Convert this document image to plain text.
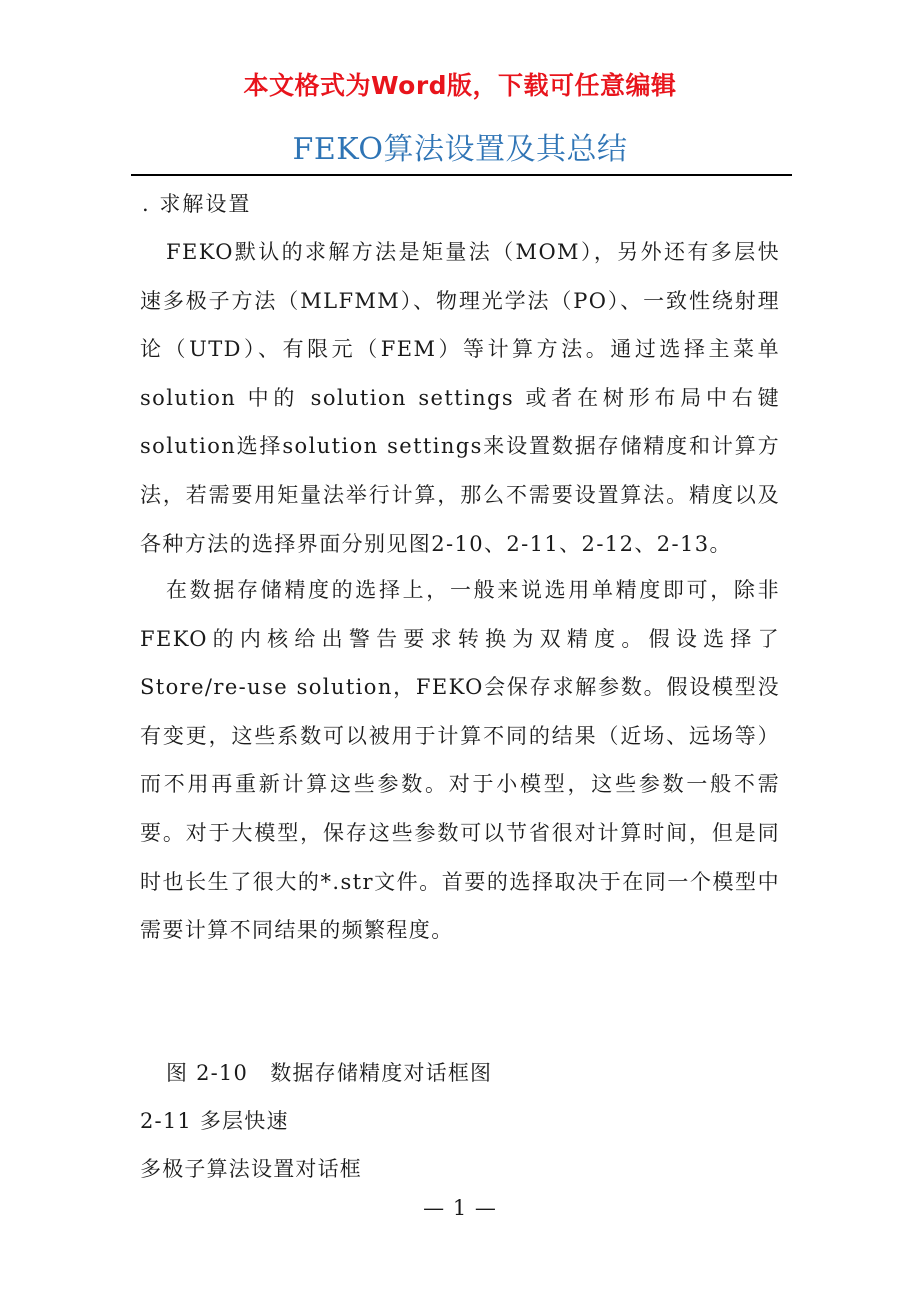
本文格式为Word版，下载可任意编辑
FEKO算法设置及其总结
. 求解设置

FEKO默认的求解方法是矩量法（MOM），另外还有多层快速多极子方法（MLFMM）、物理光学法（PO）、一致性绕射理论（UTD）、有限元（FEM）等计算方法。通过选择主菜单 solution 中的 solution settings 或者在树形布局中右键solution选择solution settings来设置数据存储精度和计算方法，若需要用矩量法举行计算，那么不需要设置算法。精度以及各种方法的选择界面分别见图2-10、2-11、2-12、2-13。

在数据存储精度的选择上，一般来说选用单精度即可，除非FEKO的内核给出警告要求转换为双精度。假设选择了Store/re-use solution，FEKO会保存求解参数。假设模型没有变更，这些系数可以被用于计算不同的结果（近场、远场等）而不用再重新计算这些参数。对于小模型，这些参数一般不需要。对于大模型，保存这些参数可以节省很对计算时间，但是同时也长生了很大的*.str文件。首要的选择取决于在同一个模型中需要计算不同结果的频繁程度。

图 2-10　数据存储精度对话框图2-11 多层快速
多极子算法设置对话框
— 1 —
